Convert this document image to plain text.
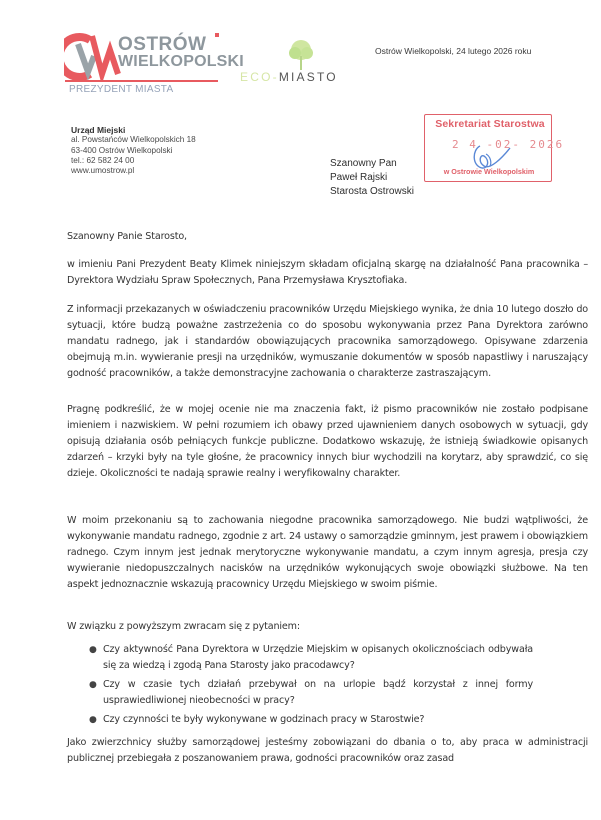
OSTRÓW
WIELKOPOLSKI
PREZYDENT MIASTA
ECO-MIASTO
Ostrów Wielkopolski, 24 lutego 2026 roku
Urząd Miejski
al. Powstańców Wielkopolskich 18
63-400 Ostrów Wielkopolski
tel.: 62 582 24 00
www.umostrow.pl
Szanowny Pan
Paweł Rajski
Starosta Ostrowski
Sekretariat Starostwa
2 4 -02- 2026
w Ostrowie Wielkopolskim
Szanowny Panie Starosto,
w imieniu Pani Prezydent Beaty Klimek niniejszym składam oficjalną skargę na działalność Pana pracownika – Dyrektora Wydziału Spraw Społecznych, Pana Przemysława Krysztofiaka.
Z informacji przekazanych w oświadczeniu pracowników Urzędu Miejskiego wynika, że dnia 10 lutego doszło do sytuacji, które budzą poważne zastrzeżenia co do sposobu wykonywania przez Pana Dyrektora zarówno mandatu radnego, jak i standardów obowiązujących pracownika samorządowego. Opisywane zdarzenia obejmują m.in. wywieranie presji na urzędników, wymuszanie dokumentów w sposób napastliwy i naruszający godność pracowników, a także demonstracyjne zachowania o charakterze zastraszającym.
Pragnę podkreślić, że w mojej ocenie nie ma znaczenia fakt, iż pismo pracowników nie zostało podpisane imieniem i nazwiskiem. W pełni rozumiem ich obawy przed ujawnieniem danych osobowych w sytuacji, gdy opisują działania osób pełniących funkcje publiczne. Dodatkowo wskazuję, że istnieją świadkowie opisanych zdarzeń – krzyki były na tyle głośne, że pracownicy innych biur wychodzili na korytarz, aby sprawdzić, co się dzieje. Okoliczności te nadają sprawie realny i weryfikowalny charakter.
W moim przekonaniu są to zachowania niegodne pracownika samorządowego. Nie budzi wątpliwości, że wykonywanie mandatu radnego, zgodnie z art. 24 ustawy o samorządzie gminnym, jest prawem i obowiązkiem radnego. Czym innym jest jednak merytoryczne wykonywanie mandatu, a czym innym agresja, presja czy wywieranie niedopuszczalnych nacisków na urzędników wykonujących swoje obowiązki służbowe. Na ten aspekt jednoznacznie wskazują pracownicy Urzędu Miejskiego w swoim piśmie.
W związku z powyższym zwracam się z pytaniem:
● Czy aktywność Pana Dyrektora w Urzędzie Miejskim w opisanych okolicznościach odbywała się za wiedzą i zgodą Pana Starosty jako pracodawcy?
● Czy w czasie tych działań przebywał on na urlopie bądź korzystał z innej formy usprawiedliwionej nieobecności w pracy?
● Czy czynności te były wykonywane w godzinach pracy w Starostwie?
Jako zwierzchnicy służby samorządowej jesteśmy zobowiązani do dbania o to, aby praca w administracji publicznej przebiegała z poszanowaniem prawa, godności pracowników oraz zasad
